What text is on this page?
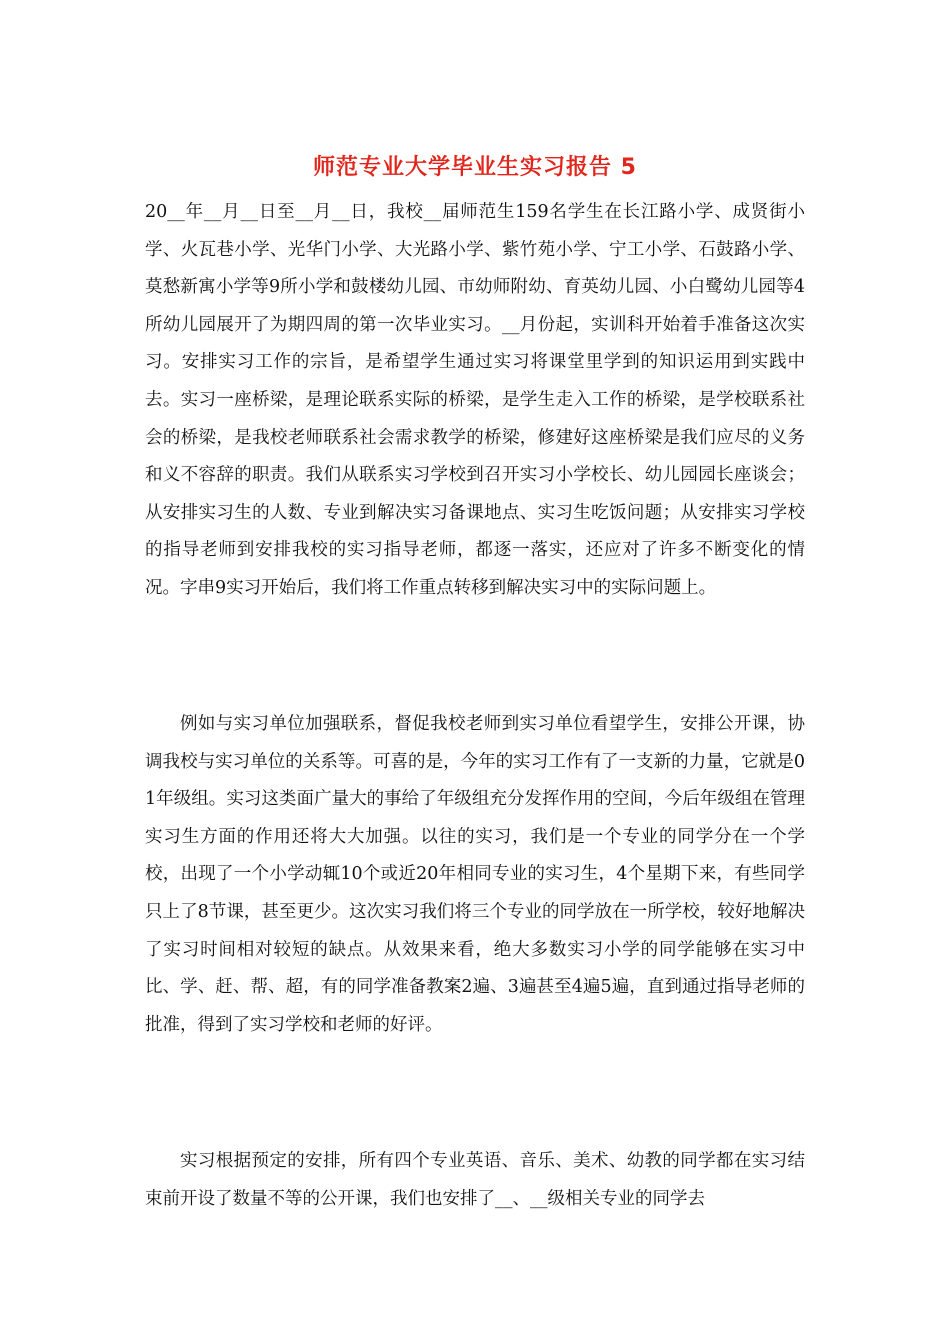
师范专业大学毕业生实习报告 5
20__年__月__日至__月__日，我校__届师范生159名学生在长江路小学、成贤街小学、火瓦巷小学、光华门小学、大光路小学、紫竹苑小学、宁工小学、石鼓路小学、莫愁新寓小学等9所小学和鼓楼幼儿园、市幼师附幼、育英幼儿园、小白鹭幼儿园等4所幼儿园展开了为期四周的第一次毕业实习。__月份起，实训科开始着手准备这次实习。安排实习工作的宗旨，是希望学生通过实习将课堂里学到的知识运用到实践中去。实习一座桥梁，是理论联系实际的桥梁，是学生走入工作的桥梁，是学校联系社会的桥梁，是我校老师联系社会需求教学的桥梁，修建好这座桥梁是我们应尽的义务和义不容辞的职责。我们从联系实习学校到召开实习小学校长、幼儿园园长座谈会；从安排实习生的人数、专业到解决实习备课地点、实习生吃饭问题；从安排实习学校的指导老师到安排我校的实习指导老师，都逐一落实，还应对了许多不断变化的情况。字串9实习开始后，我们将工作重点转移到解决实习中的实际问题上。
例如与实习单位加强联系，督促我校老师到实习单位看望学生，安排公开课，协调我校与实习单位的关系等。可喜的是，今年的实习工作有了一支新的力量，它就是01年级组。实习这类面广量大的事给了年级组充分发挥作用的空间，今后年级组在管理实习生方面的作用还将大大加强。以往的实习，我们是一个专业的同学分在一个学校，出现了一个小学动辄10个或近20年相同专业的实习生，4个星期下来，有些同学只上了8节课，甚至更少。这次实习我们将三个专业的同学放在一所学校，较好地解决了实习时间相对较短的缺点。从效果来看，绝大多数实习小学的同学能够在实习中比、学、赶、帮、超，有的同学准备教案2遍、3遍甚至4遍5遍，直到通过指导老师的批准，得到了实习学校和老师的好评。
实习根据预定的安排，所有四个专业英语、音乐、美术、幼教的同学都在实习结束前开设了数量不等的公开课，我们也安排了__、__级相关专业的同学去
